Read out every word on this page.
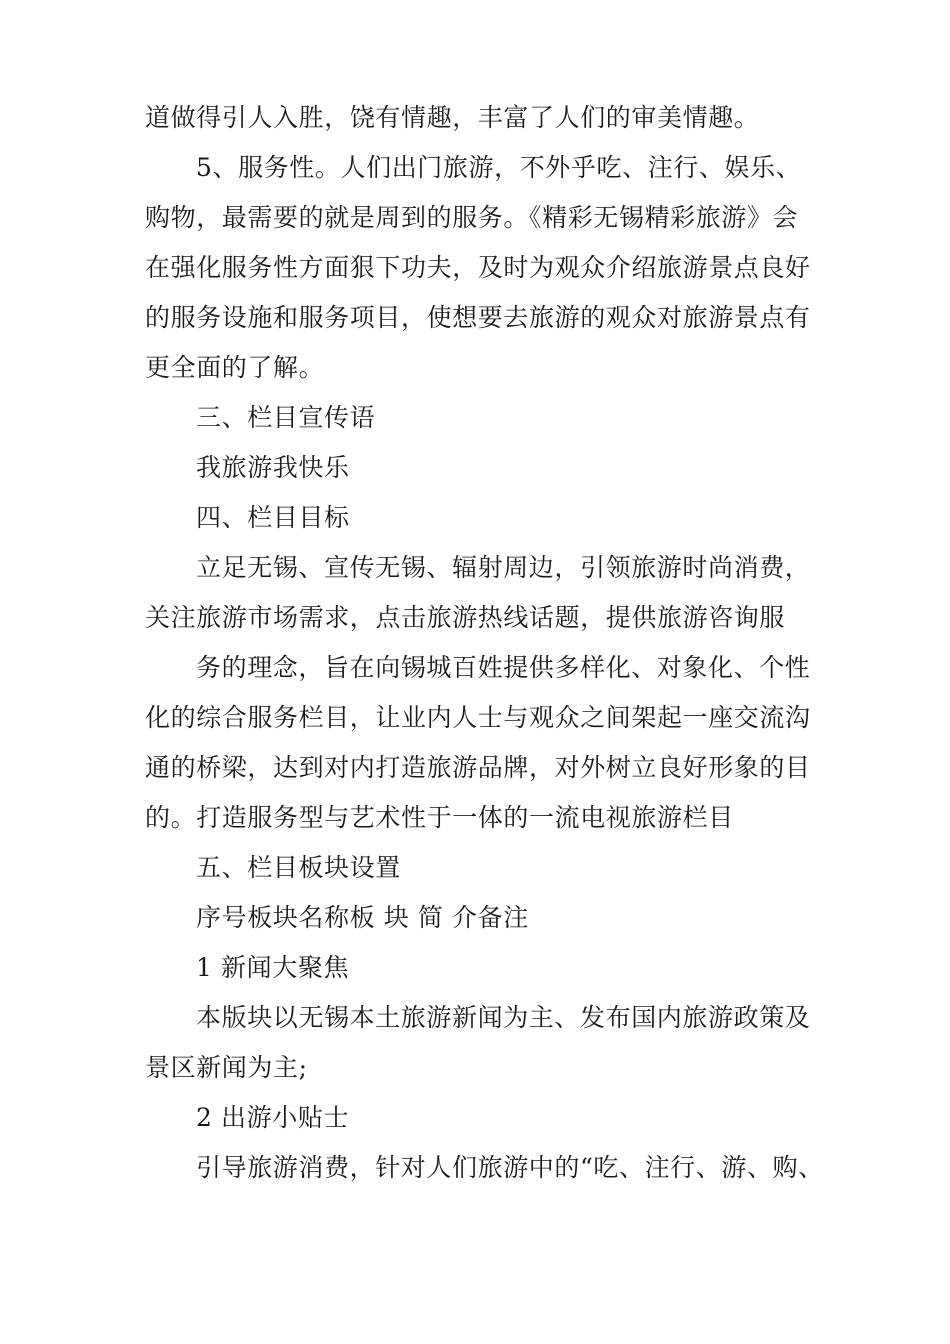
道做得引人入胜，饶有情趣，丰富了人们的审美情趣。
5、服务性。人们出门旅游，不外乎吃、注行、娱乐、
购物，最需要的就是周到的服务。《精彩无锡精彩旅游》会
在强化服务性方面狠下功夫，及时为观众介绍旅游景点良好
的服务设施和服务项目，使想要去旅游的观众对旅游景点有
更全面的了解。
三、栏目宣传语
我旅游我快乐
四、栏目目标
立足无锡、宣传无锡、辐射周边，引领旅游时尚消费，
关注旅游市场需求，点击旅游热线话题，提供旅游咨询服
务的理念，旨在向锡城百姓提供多样化、对象化、个性
化的综合服务栏目，让业内人士与观众之间架起一座交流沟
通的桥梁，达到对内打造旅游品牌，对外树立良好形象的目
的。打造服务型与艺术性于一体的一流电视旅游栏目
五、栏目板块设置
序号板块名称板 块 简 介备注
1 新闻大聚焦
本版块以无锡本土旅游新闻为主、发布国内旅游政策及
景区新闻为主;
2 出游小贴士
引导旅游消费，针对人们旅游中的“吃、注行、游、购、
